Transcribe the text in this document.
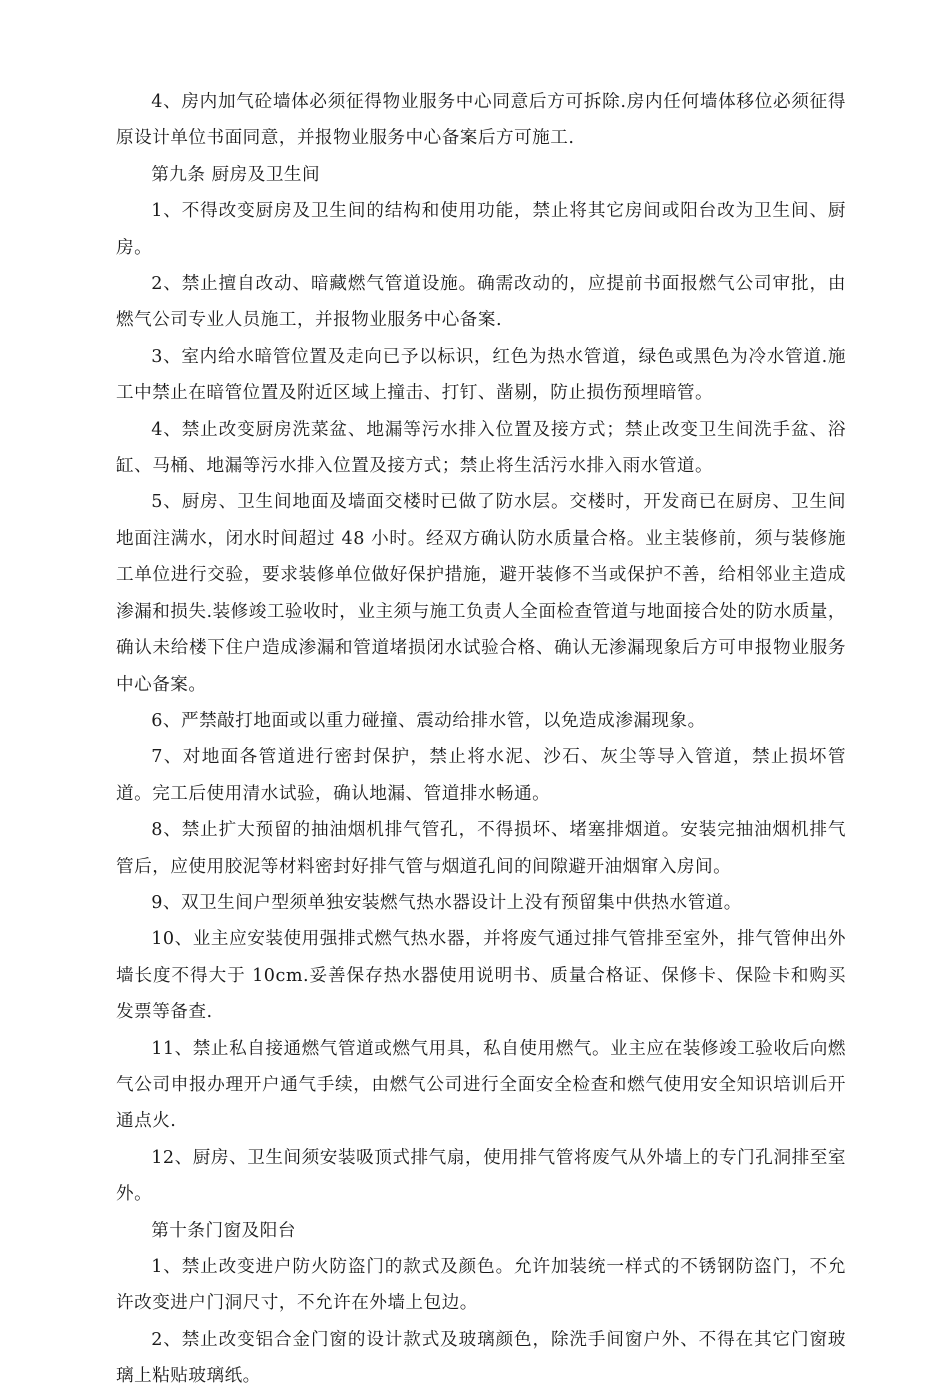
4、房内加气砼墙体必须征得物业服务中心同意后方可拆除.房内任何墙体移位必须征得原设计单位书面同意，并报物业服务中心备案后方可施工.

第九条 厨房及卫生间

1、不得改变厨房及卫生间的结构和使用功能，禁止将其它房间或阳台改为卫生间、厨房。

2、禁止擅自改动、暗藏燃气管道设施。确需改动的，应提前书面报燃气公司审批，由燃气公司专业人员施工，并报物业服务中心备案.

3、室内给水暗管位置及走向已予以标识，红色为热水管道，绿色或黑色为冷水管道.施工中禁止在暗管位置及附近区域上撞击、打钉、凿剔，防止损伤预埋暗管。

4、禁止改变厨房洗菜盆、地漏等污水排入位置及接方式；禁止改变卫生间洗手盆、浴缸、马桶、地漏等污水排入位置及接方式；禁止将生活污水排入雨水管道。

5、厨房、卫生间地面及墙面交楼时已做了防水层。交楼时，开发商已在厨房、卫生间地面注满水，闭水时间超过 48 小时。经双方确认防水质量合格。业主装修前，须与装修施工单位进行交验，要求装修单位做好保护措施，避开装修不当或保护不善，给相邻业主造成渗漏和损失.装修竣工验收时，业主须与施工负责人全面检查管道与地面接合处的防水质量，确认未给楼下住户造成渗漏和管道堵损闭水试验合格、确认无渗漏现象后方可申报物业服务中心备案。

6、严禁敲打地面或以重力碰撞、震动给排水管，以免造成渗漏现象。

7、对地面各管道进行密封保护，禁止将水泥、沙石、灰尘等导入管道，禁止损坏管道。完工后使用清水试验，确认地漏、管道排水畅通。

8、禁止扩大预留的抽油烟机排气管孔，不得损坏、堵塞排烟道。安装完抽油烟机排气管后，应使用胶泥等材料密封好排气管与烟道孔间的间隙避开油烟窜入房间。

9、双卫生间户型须单独安装燃气热水器设计上没有预留集中供热水管道。

10、业主应安装使用强排式燃气热水器，并将废气通过排气管排至室外，排气管伸出外墙长度不得大于 10cm.妥善保存热水器使用说明书、质量合格证、保修卡、保险卡和购买发票等备查.

11、禁止私自接通燃气管道或燃气用具，私自使用燃气。业主应在装修竣工验收后向燃气公司申报办理开户通气手续，由燃气公司进行全面安全检查和燃气使用安全知识培训后开通点火.

12、厨房、卫生间须安装吸顶式排气扇，使用排气管将废气从外墙上的专门孔洞排至室外。

第十条门窗及阳台

1、禁止改变进户防火防盗门的款式及颜色。允许加装统一样式的不锈钢防盗门，不允许改变进户门洞尺寸，不允许在外墙上包边。

2、禁止改变铝合金门窗的设计款式及玻璃颜色，除洗手间窗户外、不得在其它门窗玻璃上粘贴玻璃纸。
